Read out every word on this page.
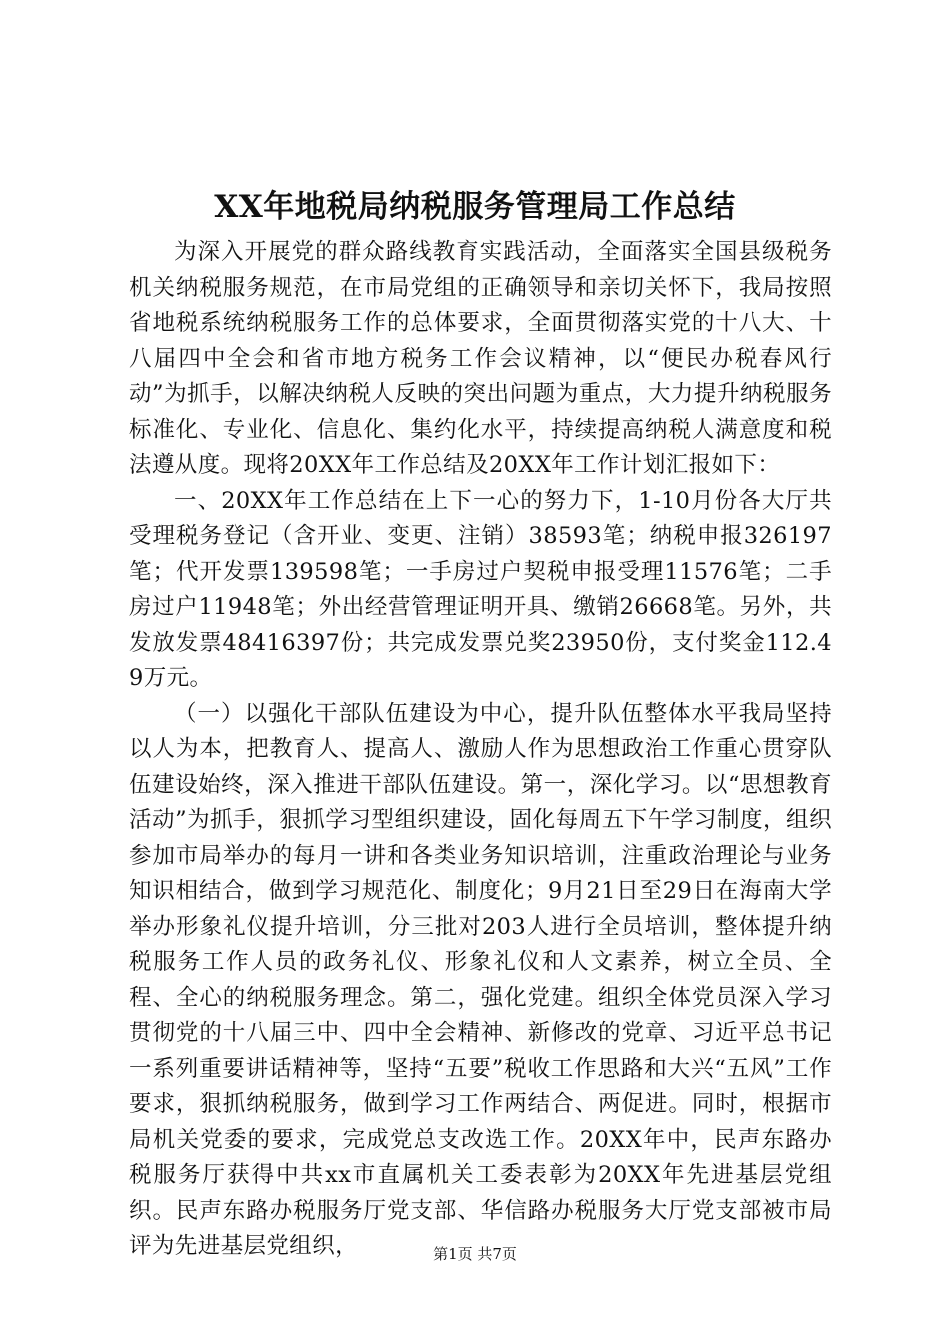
XX年地税局纳税服务管理局工作总结

为深入开展党的群众路线教育实践活动，全面落实全国县级税务机关纳税服务规范，在市局党组的正确领导和亲切关怀下，我局按照省地税系统纳税服务工作的总体要求，全面贯彻落实党的十八大、十八届四中全会和省市地方税务工作会议精神，以“便民办税春风行动”为抓手，以解决纳税人反映的突出问题为重点，大力提升纳税服务标准化、专业化、信息化、集约化水平，持续提高纳税人满意度和税法遵从度。现将20XX年工作总结及20XX年工作计划汇报如下：

一、20XX年工作总结在上下一心的努力下，1-10月份各大厅共受理税务登记（含开业、变更、注销）38593笔；纳税申报326197笔；代开发票139598笔；一手房过户契税申报受理11576笔；二手房过户11948笔；外出经营管理证明开具、缴销26668笔。另外，共发放发票48416397份；共完成发票兑奖23950份，支付奖金112.49万元。

（一）以强化干部队伍建设为中心，提升队伍整体水平我局坚持以人为本，把教育人、提高人、激励人作为思想政治工作重心贯穿队伍建设始终，深入推进干部队伍建设。第一，深化学习。以“思想教育活动”为抓手，狠抓学习型组织建设，固化每周五下午学习制度，组织参加市局举办的每月一讲和各类业务知识培训，注重政治理论与业务知识相结合，做到学习规范化、制度化；9月21日至29日在海南大学举办形象礼仪提升培训，分三批对203人进行全员培训，整体提升纳税服务工作人员的政务礼仪、形象礼仪和人文素养，树立全员、全程、全心的纳税服务理念。第二，强化党建。组织全体党员深入学习贯彻党的十八届三中、四中全会精神、新修改的党章、习近平总书记一系列重要讲话精神等，坚持“五要”税收工作思路和大兴“五风”工作要求，狠抓纳税服务，做到学习工作两结合、两促进。同时，根据市局机关党委的要求，完成党总支改选工作。20XX年中，民声东路办税服务厅获得中共xx市直属机关工委表彰为20XX年先进基层党组织。民声东路办税服务厅党支部、华信路办税服务大厅党支部被市局评为先进基层党组织，	第1页 共7页
